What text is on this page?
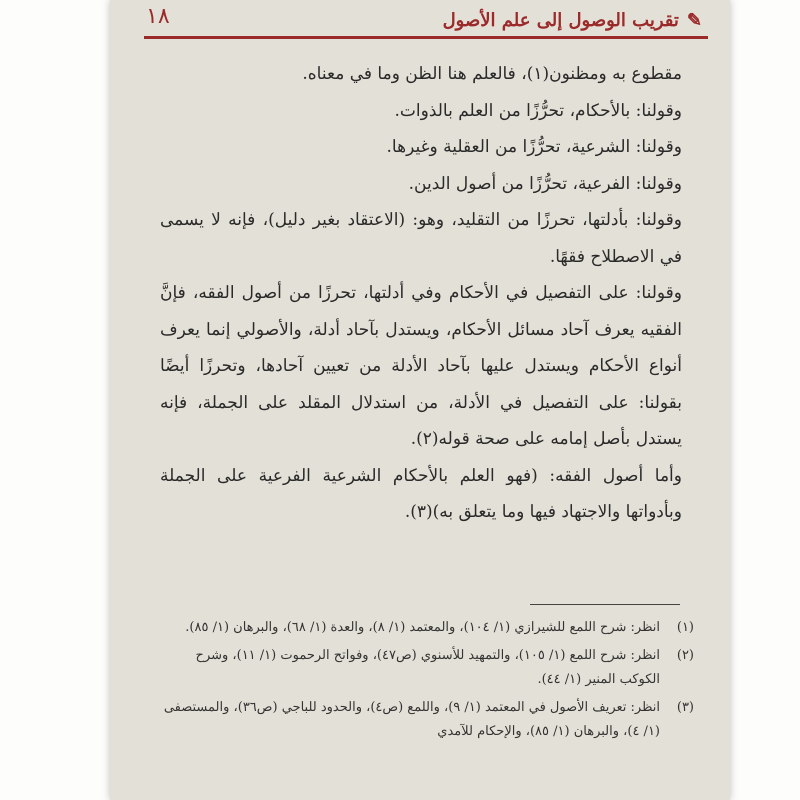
١٨	✎
تقريب الوصول إلى علم الأصول

مقطوع به ومظنون(١)، فالعلم هنا الظن وما في معناه.

وقولنا: بالأحكام، تحرُّزًا من العلم بالذوات.

وقولنا: الشرعية، تحرُّزًا من العقلية وغيرها.

وقولنا: الفرعية، تحرُّزًا من أصول الدين.

وقولنا: بأدلتها، تحرزًا من التقليد، وهو: (الاعتقاد بغير دليل)، فإنه لا يسمى في الاصطلاح فقهًا.

وقولنا: على التفصيل في الأحكام وفي أدلتها، تحرزًا من أصول الفقه، فإنَّ الفقيه يعرف آحاد مسائل الأحكام، ويستدل بآحاد أدلة، والأصولي إنما يعرف أنواع الأحكام ويستدل عليها بآحاد الأدلة من تعيين آحادها، وتحرزًا أيضًا بقولنا: على التفصيل في الأدلة، من استدلال المقلد على الجملة، فإنه يستدل بأصل إمامه على صحة قوله(٢).

وأما أصول الفقه: (فهو العلم بالأحكام الشرعية الفرعية على الجملة وبأدواتها والاجتهاد فيها وما يتعلق به)(٣).

(١)
انظر: شرح اللمع للشيرازي (١/ ١٠٤)، والمعتمد (١/ ٨)، والعدة (١/ ٦٨)، والبرهان (١/ ٨٥).
(٢)
انظر: شرح اللمع (١/ ١٠٥)، والتمهيد للأسنوي (ص٤٧)، وفواتح الرحموت (١/ ١١)، وشرح الكوكب المنير (١/ ٤٤).
(٣)
انظر: تعريف الأصول في المعتمد (١/ ٩)، واللمع (ص٤)، والحدود للباجي (ص٣٦)، والمستصفى (١/ ٤)، والبرهان (١/ ٨٥)، والإحكام للآمدي
